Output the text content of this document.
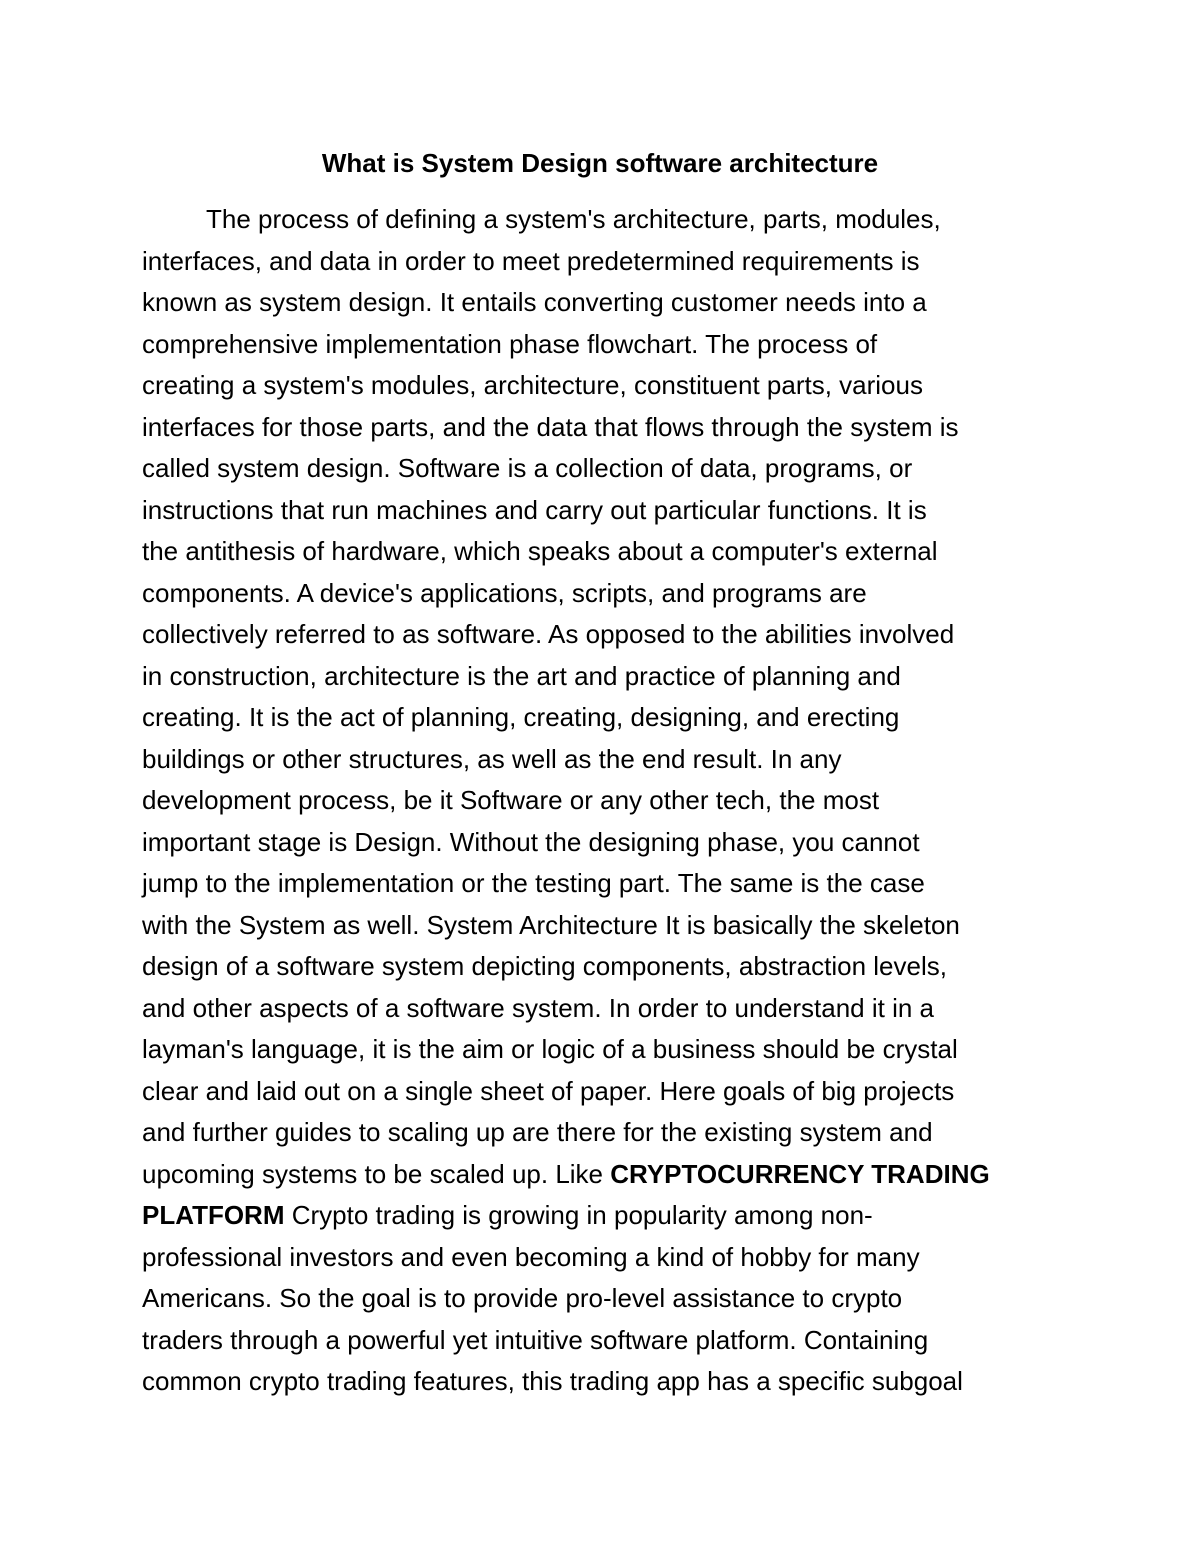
What is System Design software architecture
The process of defining a system's architecture, parts, modules,
interfaces, and data in order to meet predetermined requirements is
known as system design. It entails converting customer needs into a
comprehensive implementation phase flowchart. The process of
creating a system's modules, architecture, constituent parts, various
interfaces for those parts, and the data that flows through the system is
called system design. Software is a collection of data, programs, or
instructions that run machines and carry out particular functions. It is
the antithesis of hardware, which speaks about a computer's external
components. A device's applications, scripts, and programs are
collectively referred to as software. As opposed to the abilities involved
in construction, architecture is the art and practice of planning and
creating. It is the act of planning, creating, designing, and erecting
buildings or other structures, as well as the end result. In any
development process, be it Software or any other tech, the most
important stage is Design. Without the designing phase, you cannot
jump to the implementation or the testing part. The same is the case
with the System as well. System Architecture It is basically the skeleton
design of a software system depicting components, abstraction levels,
and other aspects of a software system. In order to understand it in a
layman's language, it is the aim or logic of a business should be crystal
clear and laid out on a single sheet of paper. Here goals of big projects
and further guides to scaling up are there for the existing system and
upcoming systems to be scaled up. Like CRYPTOCURRENCY TRADING
PLATFORM Crypto trading is growing in popularity among non-
professional investors and even becoming a kind of hobby for many
Americans. So the goal is to provide pro-level assistance to crypto
traders through a powerful yet intuitive software platform. Containing
common crypto trading features, this trading app has a specific subgoal
